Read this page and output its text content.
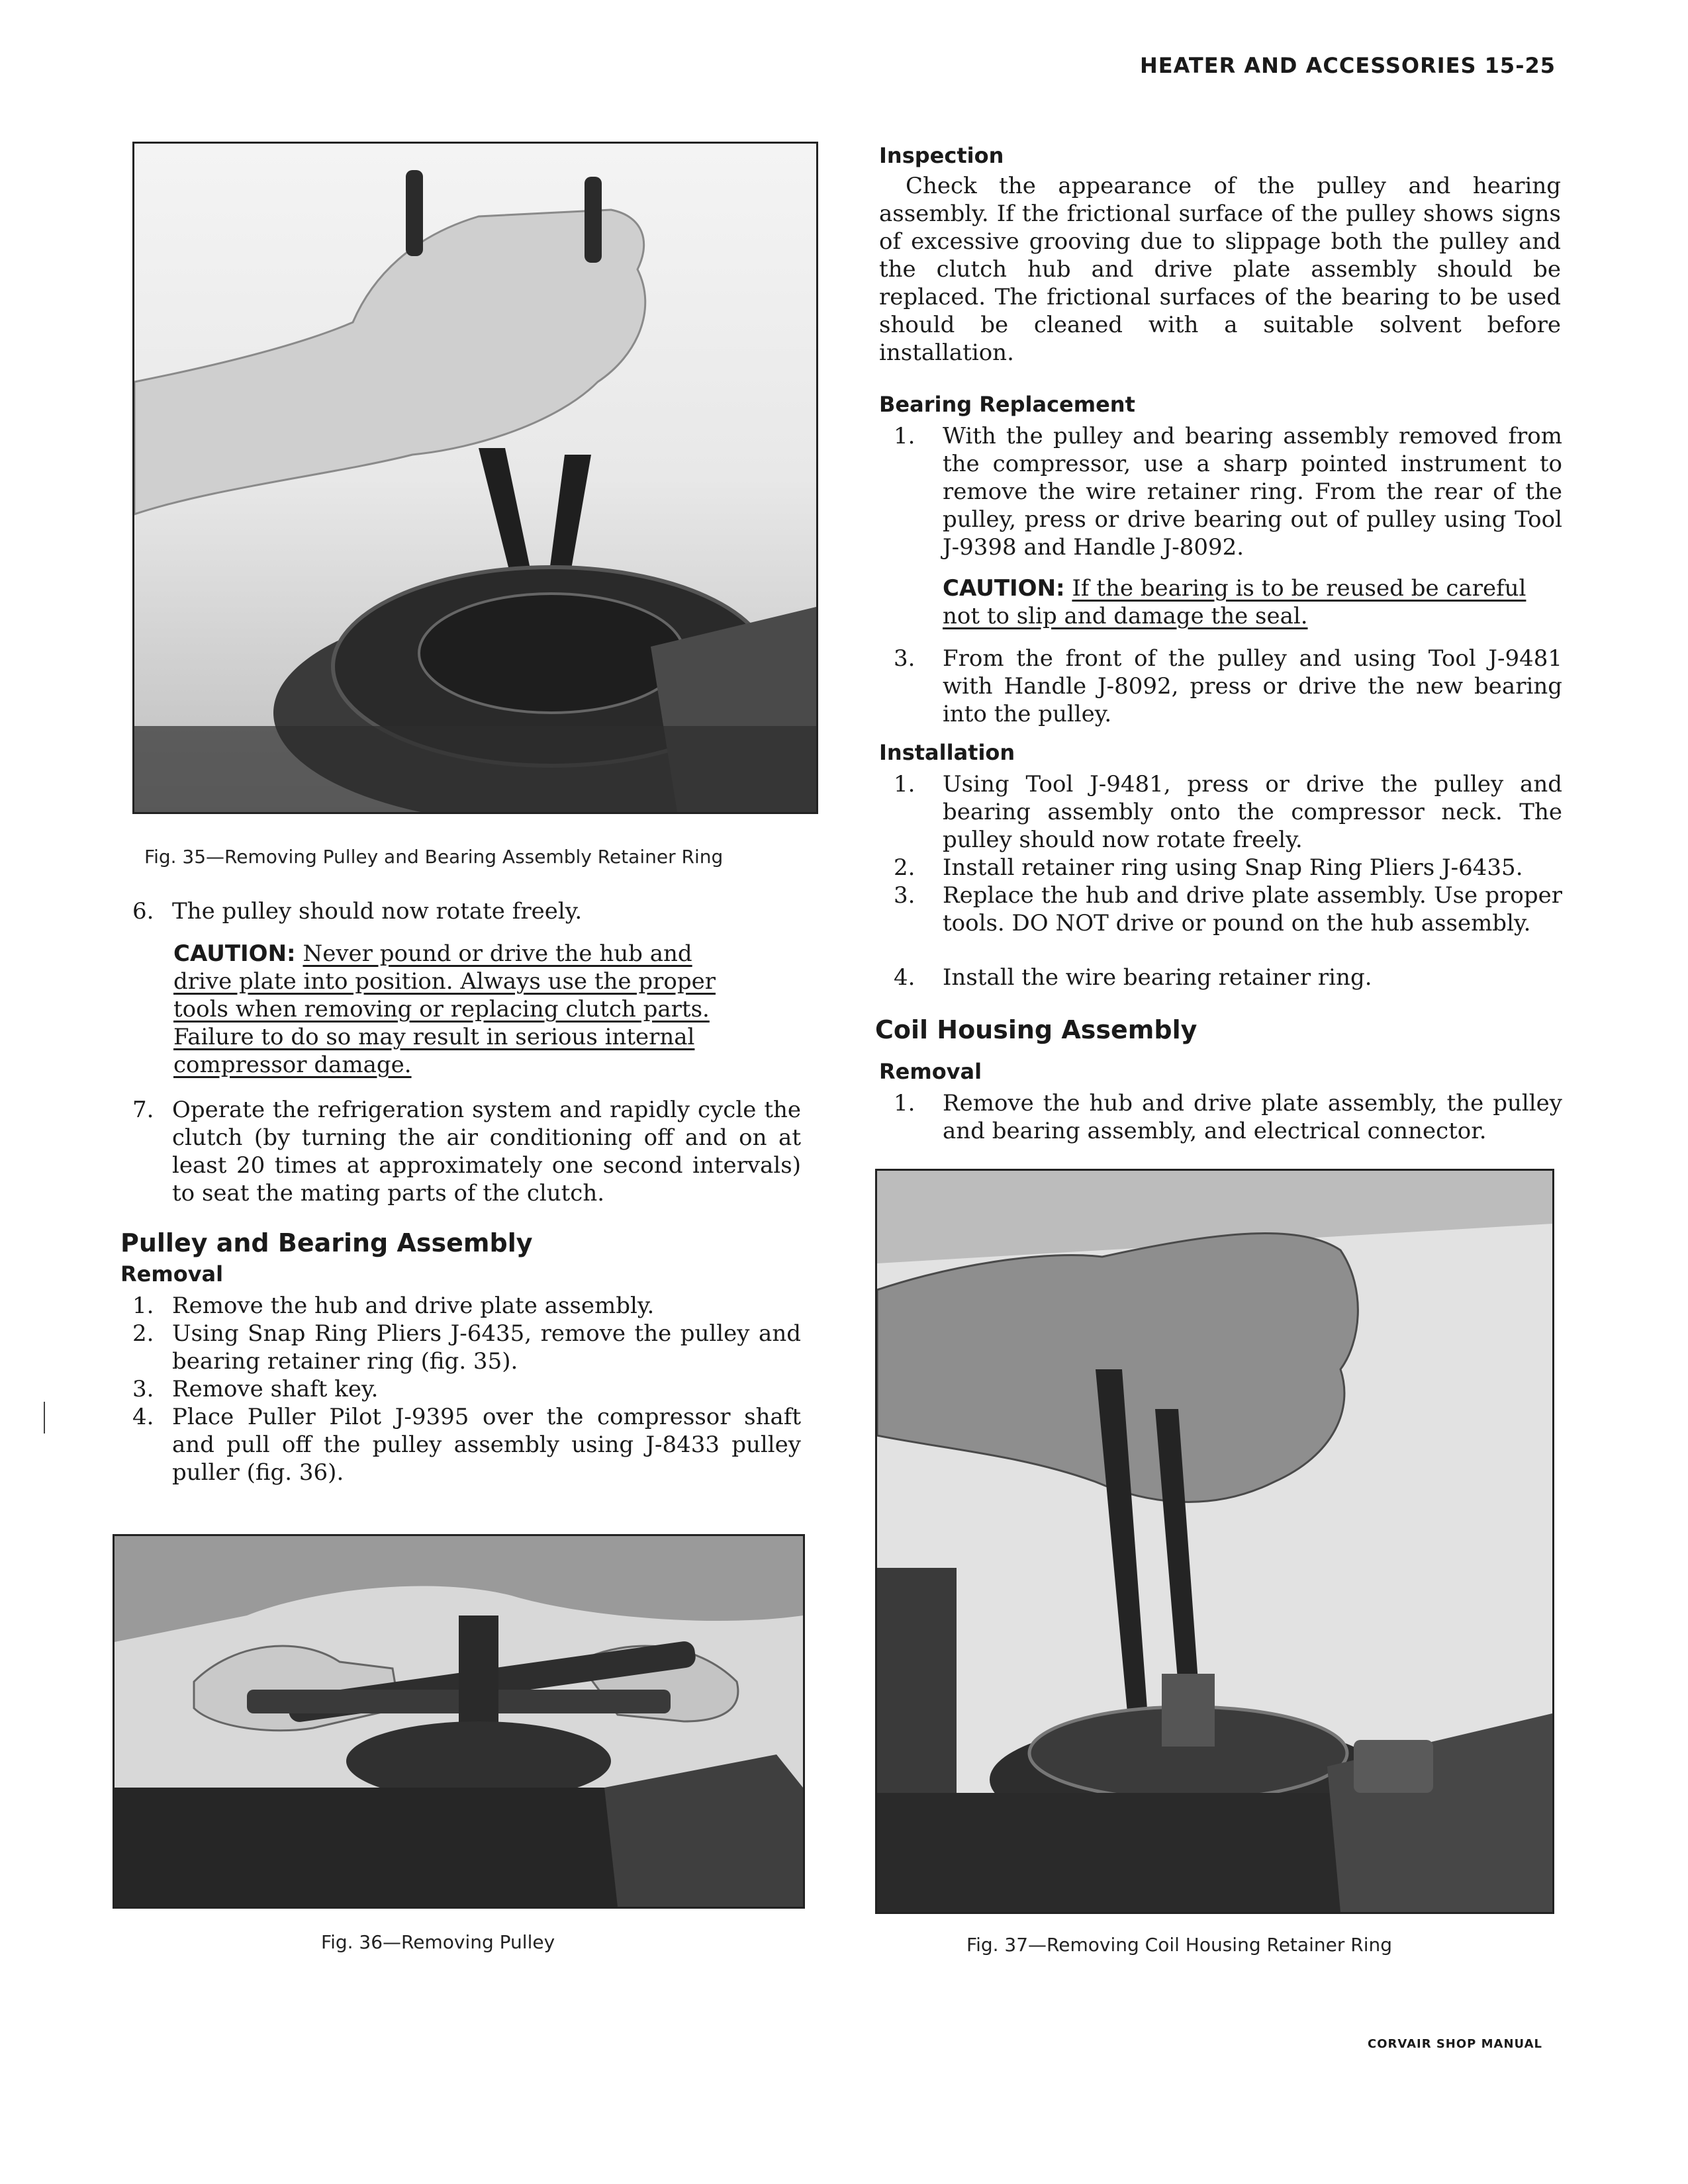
HEATER AND ACCESSORIES 15-25
Fig. 35—Removing Pulley and Bearing Assembly Retainer Ring
6. The pulley should now rotate freely.
CAUTION: Never pound or drive the hub and drive plate into position. Always use the proper tools when removing or replacing clutch parts. Failure to do so may result in serious internal compressor damage.
7. Operate the refrigeration system and rapidly cycle the clutch (by turning the air conditioning off and on at least 20 times at approximately one second intervals) to seat the mating parts of the clutch.
Pulley and Bearing Assembly
Removal
1. Remove the hub and drive plate assembly.
2. Using Snap Ring Pliers J-6435, remove the pulley and bearing retainer ring (fig. 35).
3. Remove shaft key.
4. Place Puller Pilot J-9395 over the compressor shaft and pull off the pulley assembly using J-8433 pulley puller (fig. 36).
Fig. 36—Removing Pulley
Inspection
Check the appearance of the pulley and hearing assembly. If the frictional surface of the pulley shows signs of excessive grooving due to slippage both the pulley and the clutch hub and drive plate assembly should be replaced. The frictional surfaces of the bearing to be used should be cleaned with a suitable solvent before installation.
Bearing Replacement
1. With the pulley and bearing assembly removed from the compressor, use a sharp pointed instrument to remove the wire retainer ring. From the rear of the pulley, press or drive bearing out of pulley using Tool J-9398 and Handle J-8092.
CAUTION: If the bearing is to be reused be careful not to slip and damage the seal.
3. From the front of the pulley and using Tool J-9481 with Handle J-8092, press or drive the new bearing into the pulley.
Installation
1. Using Tool J-9481, press or drive the pulley and bearing assembly onto the compressor neck. The pulley should now rotate freely.
2. Install retainer ring using Snap Ring Pliers J-6435.
3. Replace the hub and drive plate assembly. Use proper tools. DO NOT drive or pound on the hub assembly.
4. Install the wire bearing retainer ring.
Coil Housing Assembly
Removal
1. Remove the hub and drive plate assembly, the pulley and bearing assembly, and electrical connector.
Fig. 37—Removing Coil Housing Retainer Ring
CORVAIR SHOP MANUAL
